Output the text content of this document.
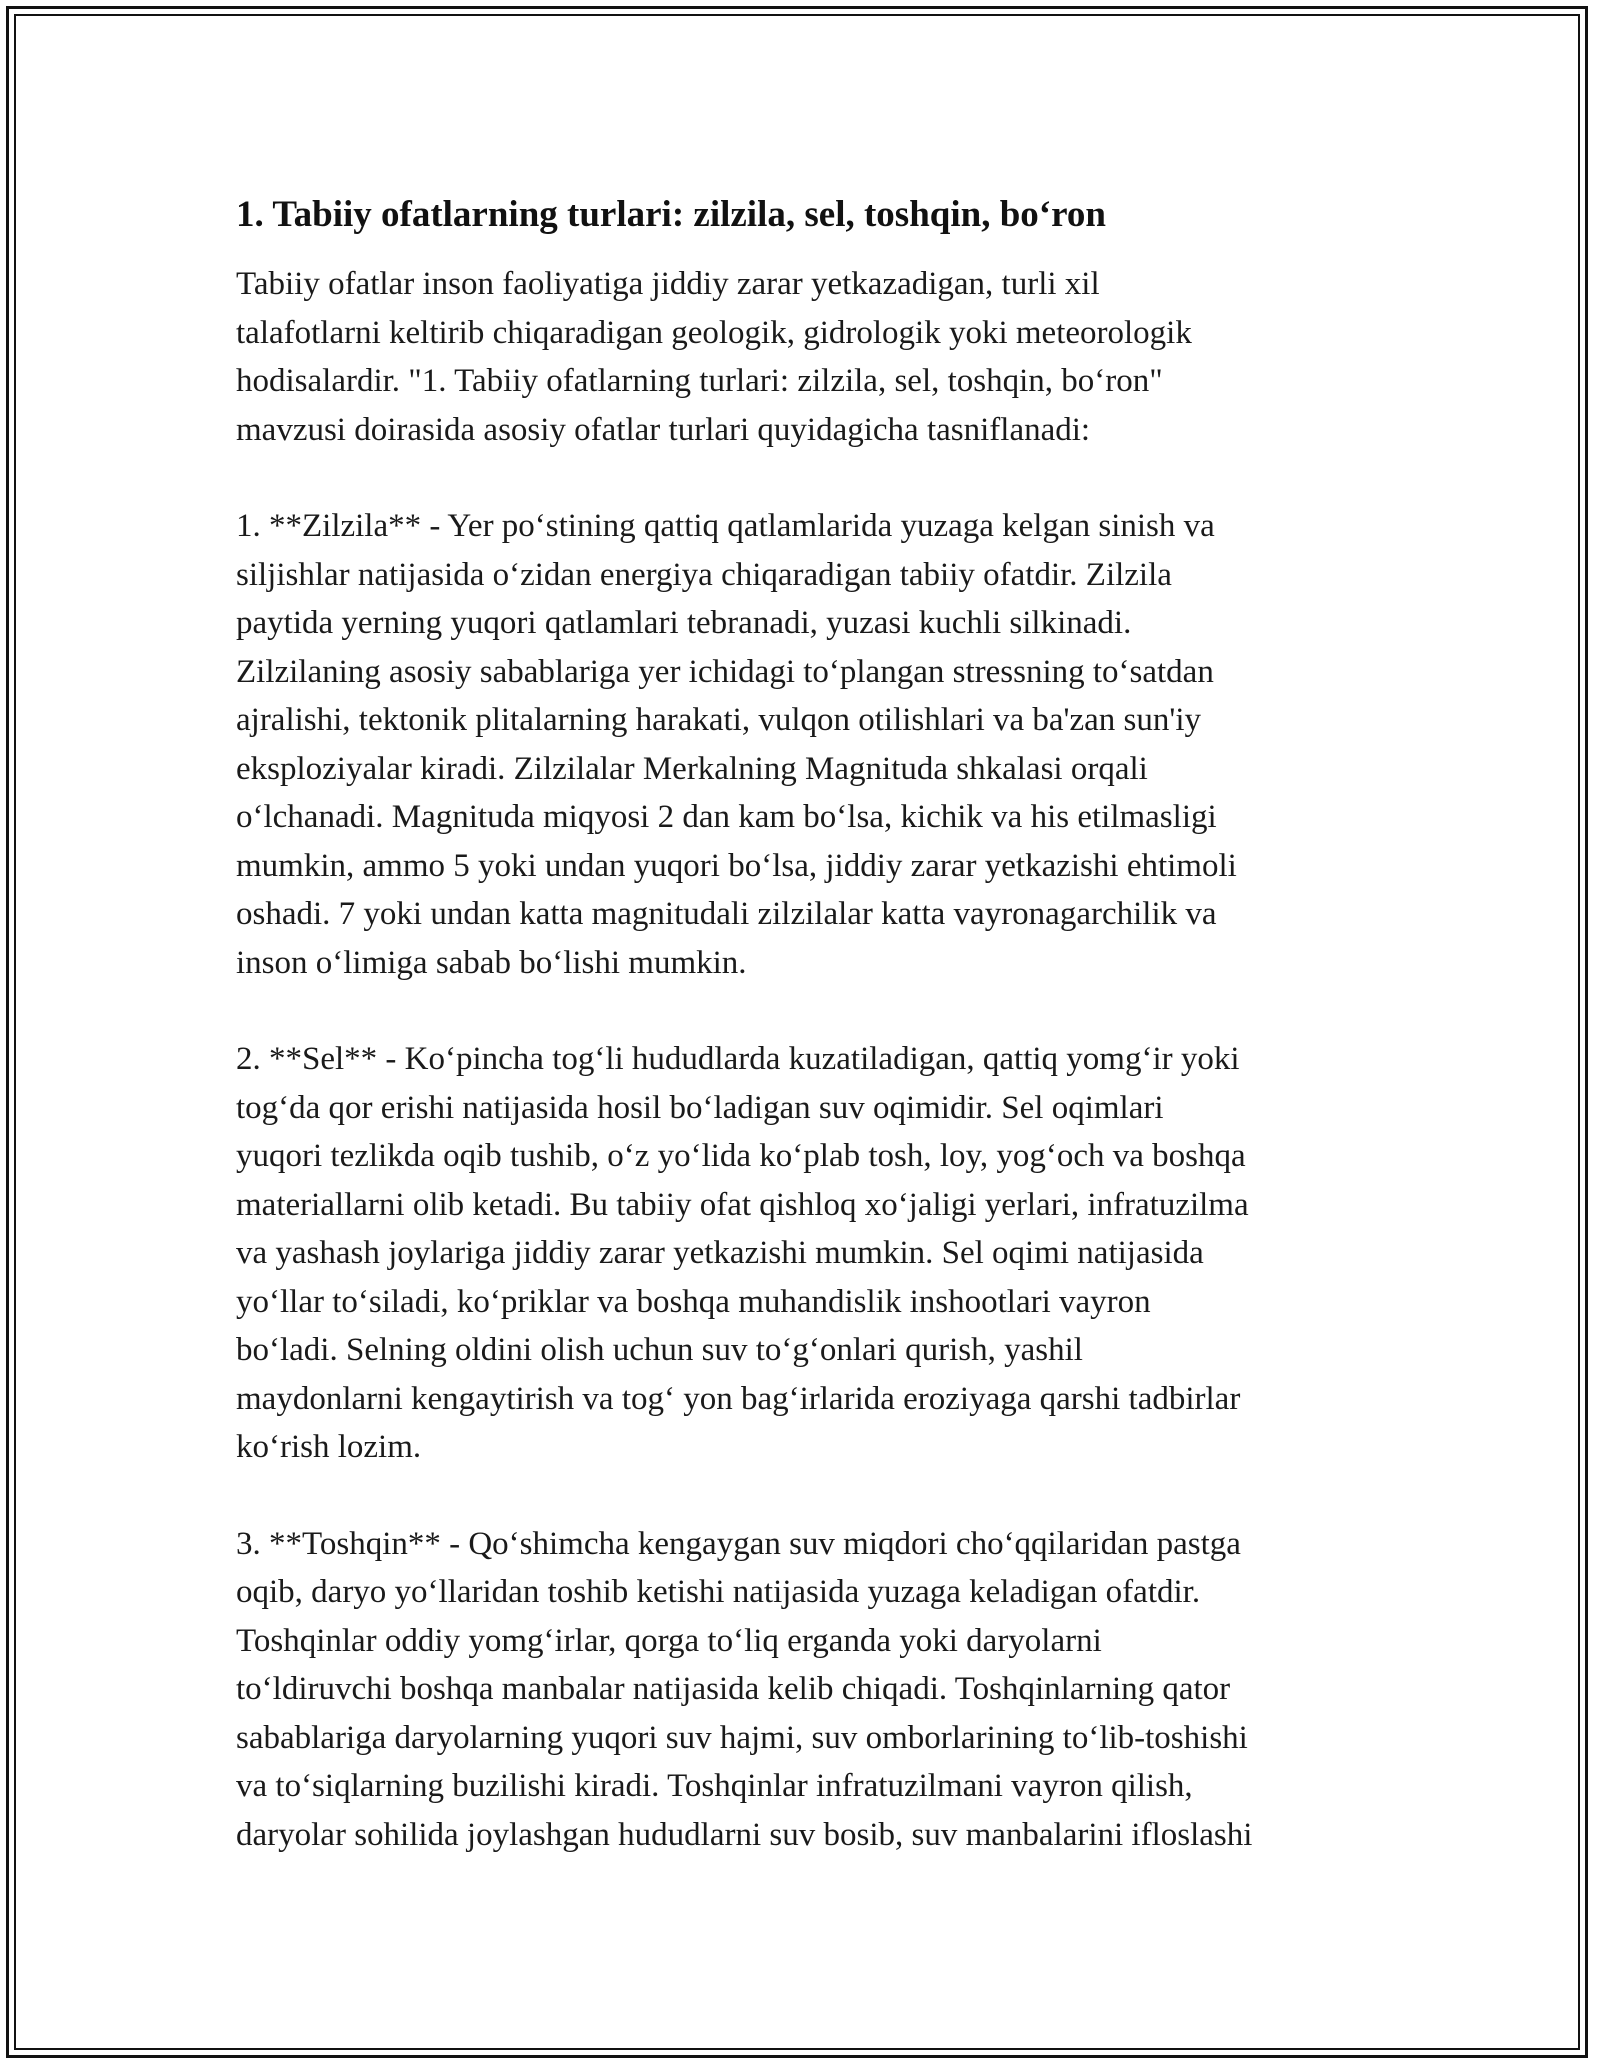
1. Tabiiy ofatlarning turlari: zilzila, sel, toshqin, bo‘ron

Tabiiy ofatlar inson faoliyatiga jiddiy zarar yetkazadigan, turli xil
talafotlarni keltirib chiqaradigan geologik, gidrologik yoki meteorologik
hodisalardir. "1. Tabiiy ofatlarning turlari: zilzila, sel, toshqin, bo‘ron"
mavzusi doirasida asosiy ofatlar turlari quyidagicha tasniflanadi:

1. **Zilzila** - Yer po‘stining qattiq qatlamlarida yuzaga kelgan sinish va
siljishlar natijasida o‘zidan energiya chiqaradigan tabiiy ofatdir. Zilzila
paytida yerning yuqori qatlamlari tebranadi, yuzasi kuchli silkinadi.
Zilzilaning asosiy sabablariga yer ichidagi to‘plangan stressning to‘satdan
ajralishi, tektonik plitalarning harakati, vulqon otilishlari va ba'zan sun'iy
eksploziyalar kiradi. Zilzilalar Merkalning Magnituda shkalasi orqali
o‘lchanadi. Magnituda miqyosi 2 dan kam bo‘lsa, kichik va his etilmasligi
mumkin, ammo 5 yoki undan yuqori bo‘lsa, jiddiy zarar yetkazishi ehtimoli
oshadi. 7 yoki undan katta magnitudali zilzilalar katta vayronagarchilik va
inson o‘limiga sabab bo‘lishi mumkin.

2. **Sel** - Ko‘pincha tog‘li hududlarda kuzatiladigan, qattiq yomg‘ir yoki
tog‘da qor erishi natijasida hosil bo‘ladigan suv oqimidir. Sel oqimlari
yuqori tezlikda oqib tushib, o‘z yo‘lida ko‘plab tosh, loy, yog‘och va boshqa
materiallarni olib ketadi. Bu tabiiy ofat qishloq xo‘jaligi yerlari, infratuzilma
va yashash joylariga jiddiy zarar yetkazishi mumkin. Sel oqimi natijasida
yo‘llar to‘siladi, ko‘priklar va boshqa muhandislik inshootlari vayron
bo‘ladi. Selning oldini olish uchun suv to‘g‘onlari qurish, yashil
maydonlarni kengaytirish va tog‘ yon bag‘irlarida eroziyaga qarshi tadbirlar
ko‘rish lozim.

3. **Toshqin** - Qo‘shimcha kengaygan suv miqdori cho‘qqilaridan pastga
oqib, daryo yo‘llaridan toshib ketishi natijasida yuzaga keladigan ofatdir.
Toshqinlar oddiy yomg‘irlar, qorga to‘liq erganda yoki daryolarni
to‘ldiruvchi boshqa manbalar natijasida kelib chiqadi. Toshqinlarning qator
sabablariga daryolarning yuqori suv hajmi, suv omborlarining to‘lib-toshishi
va to‘siqlarning buzilishi kiradi. Toshqinlar infratuzilmani vayron qilish,
daryolar sohilida joylashgan hududlarni suv bosib, suv manbalarini ifloslashi
